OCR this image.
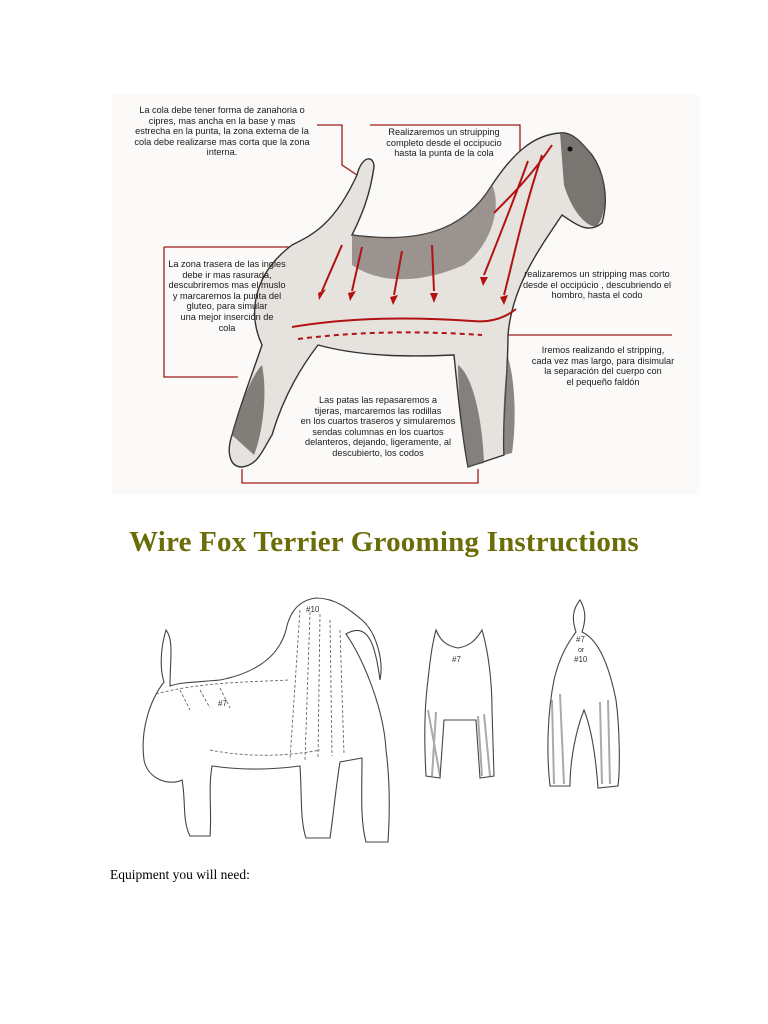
La cola debe tener forma de zanahoria o
cipres, mas ancha en la base y mas
estrecha en la punta, la zona externa de la
cola debe realizarse mas corta que la zona
interna.
Realizaremos un struipping
completo desde el occipucio
hasta la punta de la cola
La zona trasera de las ingles
debe ir mas rasurada,
descubriremos mas el muslo
y marcaremos la punta del
gluteo, para simular
una mejor inserción de
cola
realizaremos un stripping mas corto
desde el occipúcio , descubriendo el
hombro, hasta el codo
Iremos realizando el stripping,
cada vez mas largo, para disimular
la separación del cuerpo con
el pequeño faldón
Las patas las repasaremos a
tijeras, marcaremos las rodillas
en los cuartos traseros y simularemos
sendas columnas en los cuartos
delanteros, dejando, ligeramente, al
descubierto, los codos
Wire Fox Terrier Grooming Instructions
#10
#7
#7
#7
or
#10
Equipment you will need:
